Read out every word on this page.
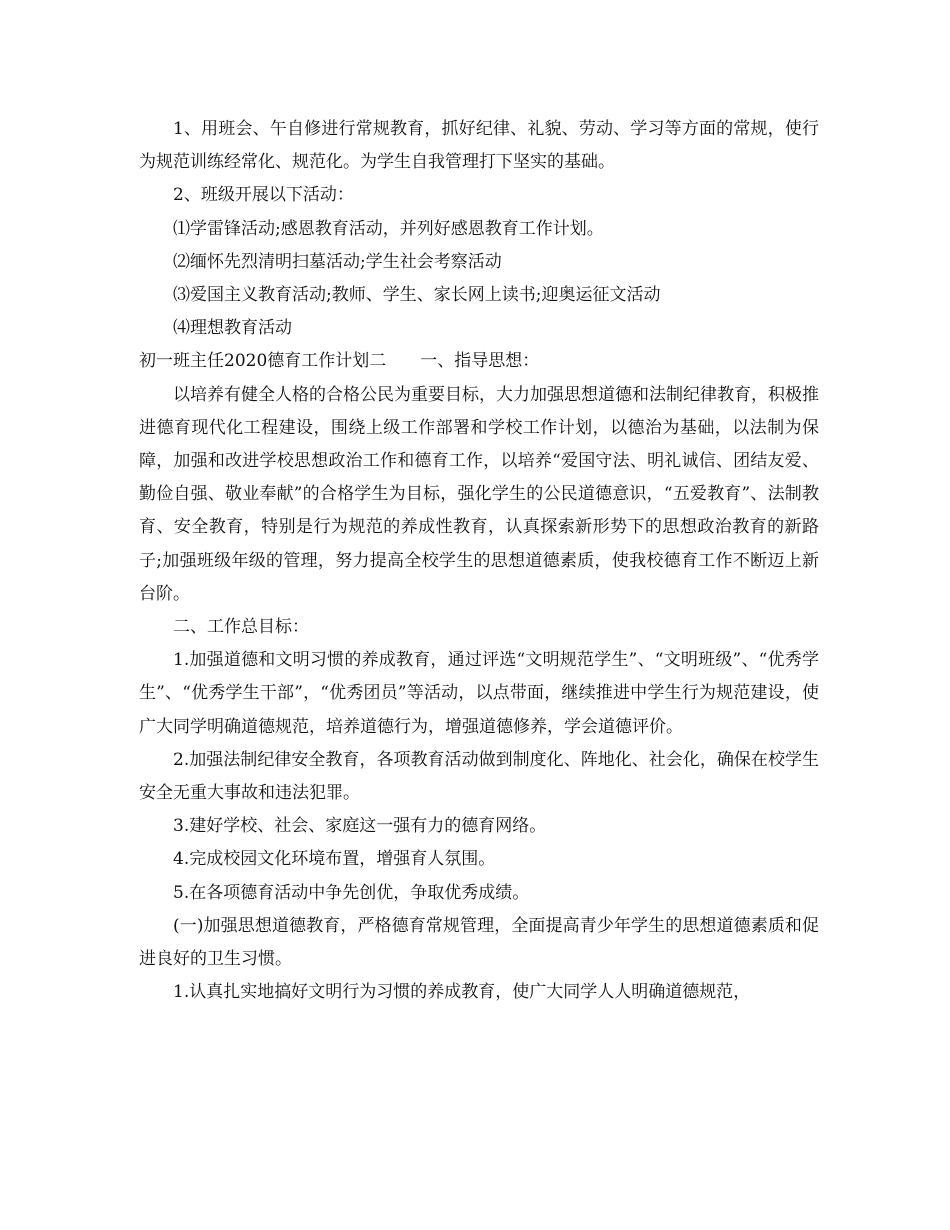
1、用班会、午自修进行常规教育，抓好纪律、礼貌、劳动、学习等方面的常规，使行为规范训练经常化、规范化。为学生自我管理打下坚实的基础。

2、班级开展以下活动：

⑴学雷锋活动;感恩教育活动，并列好感恩教育工作计划。

⑵缅怀先烈清明扫墓活动;学生社会考察活动

⑶爱国主义教育活动;教师、学生、家长网上读书;迎奥运征文活动

⑷理想教育活动

初一班主任2020德育工作计划二　　一、指导思想：

以培养有健全人格的合格公民为重要目标，大力加强思想道德和法制纪律教育，积极推进德育现代化工程建设，围绕上级工作部署和学校工作计划，以德治为基础，以法制为保障，加强和改进学校思想政治工作和德育工作，以培养“爱国守法、明礼诚信、团结友爱、勤俭自强、敬业奉献”的合格学生为目标，强化学生的公民道德意识，“五爱教育”、法制教育、安全教育，特别是行为规范的养成性教育，认真探索新形势下的思想政治教育的新路子;加强班级年级的管理，努力提高全校学生的思想道德素质，使我校德育工作不断迈上新台阶。

二、工作总目标：

1.加强道德和文明习惯的养成教育，通过评选“文明规范学生”、“文明班级”、“优秀学生”、“优秀学生干部”，“优秀团员”等活动，以点带面，继续推进中学生行为规范建设，使广大同学明确道德规范，培养道德行为，增强道德修养，学会道德评价。

2.加强法制纪律安全教育，各项教育活动做到制度化、阵地化、社会化，确保在校学生安全无重大事故和违法犯罪。

3.建好学校、社会、家庭这一强有力的德育网络。

4.完成校园文化环境布置，增强育人氛围。

5.在各项德育活动中争先创优，争取优秀成绩。

(一)加强思想道德教育，严格德育常规管理，全面提高青少年学生的思想道德素质和促进良好的卫生习惯。

1.认真扎实地搞好文明行为习惯的养成教育，使广大同学人人明确道德规范，
